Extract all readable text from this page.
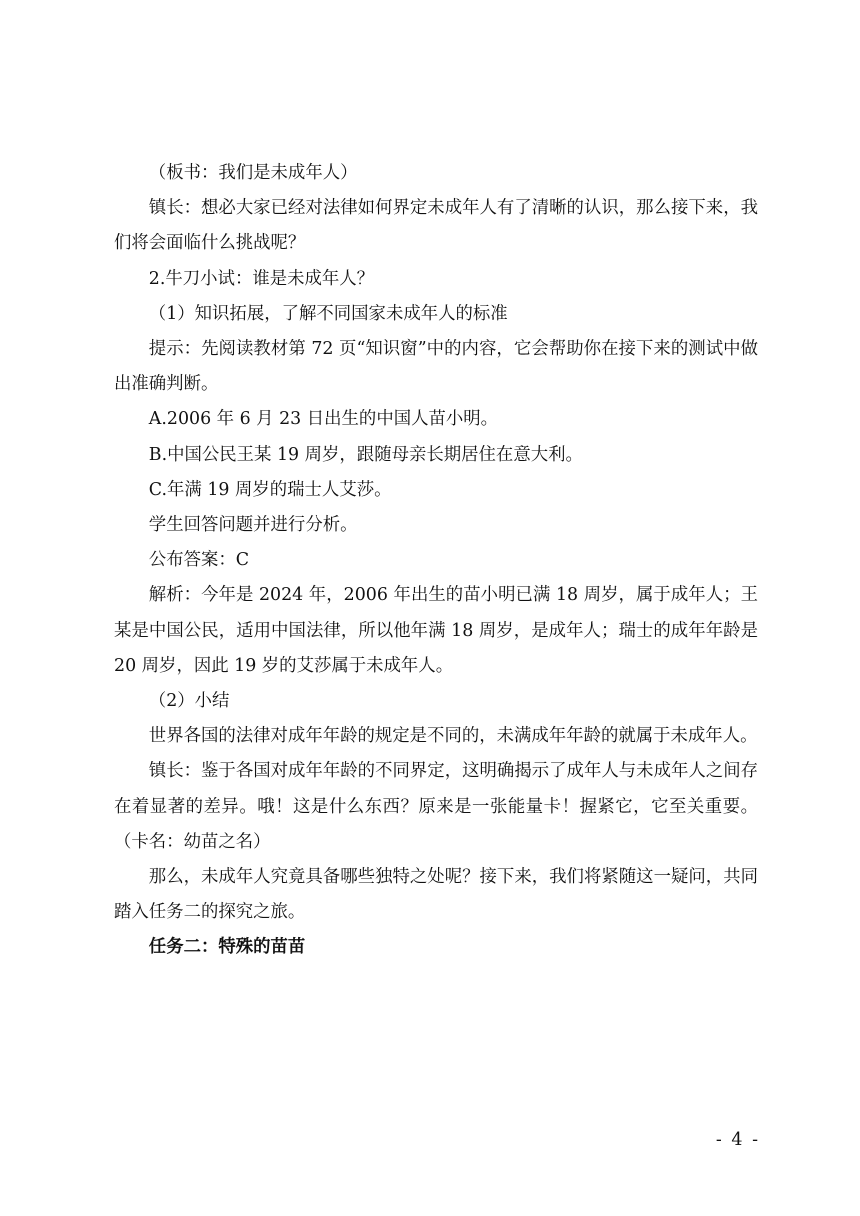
（板书：我们是未成年人）

镇长：想必大家已经对法律如何界定未成年人有了清晰的认识，那么接下来，我们将会面临什么挑战呢？

2.牛刀小试：谁是未成年人？

（1）知识拓展，了解不同国家未成年人的标准

提示：先阅读教材第 72 页“知识窗”中的内容，它会帮助你在接下来的测试中做出准确判断。

A.2006 年 6 月 23 日出生的中国人苗小明。

B.中国公民王某 19 周岁，跟随母亲长期居住在意大利。

C.年满 19 周岁的瑞士人艾莎。

学生回答问题并进行分析。

公布答案：C

解析：今年是 2024 年，2006 年出生的苗小明已满 18 周岁，属于成年人；王某是中国公民，适用中国法律，所以他年满 18 周岁，是成年人；瑞士的成年年龄是 20 周岁，因此 19 岁的艾莎属于未成年人。

（2）小结

世界各国的法律对成年年龄的规定是不同的，未满成年年龄的就属于未成年人。

镇长：鉴于各国对成年年龄的不同界定，这明确揭示了成年人与未成年人之间存在着显著的差异。哦！这是什么东西？原来是一张能量卡！握紧它，它至关重要。（卡名：幼苗之名）

那么，未成年人究竟具备哪些独特之处呢？接下来，我们将紧随这一疑问，共同踏入任务二的探究之旅。

任务二：特殊的苗苗

- 4 -
